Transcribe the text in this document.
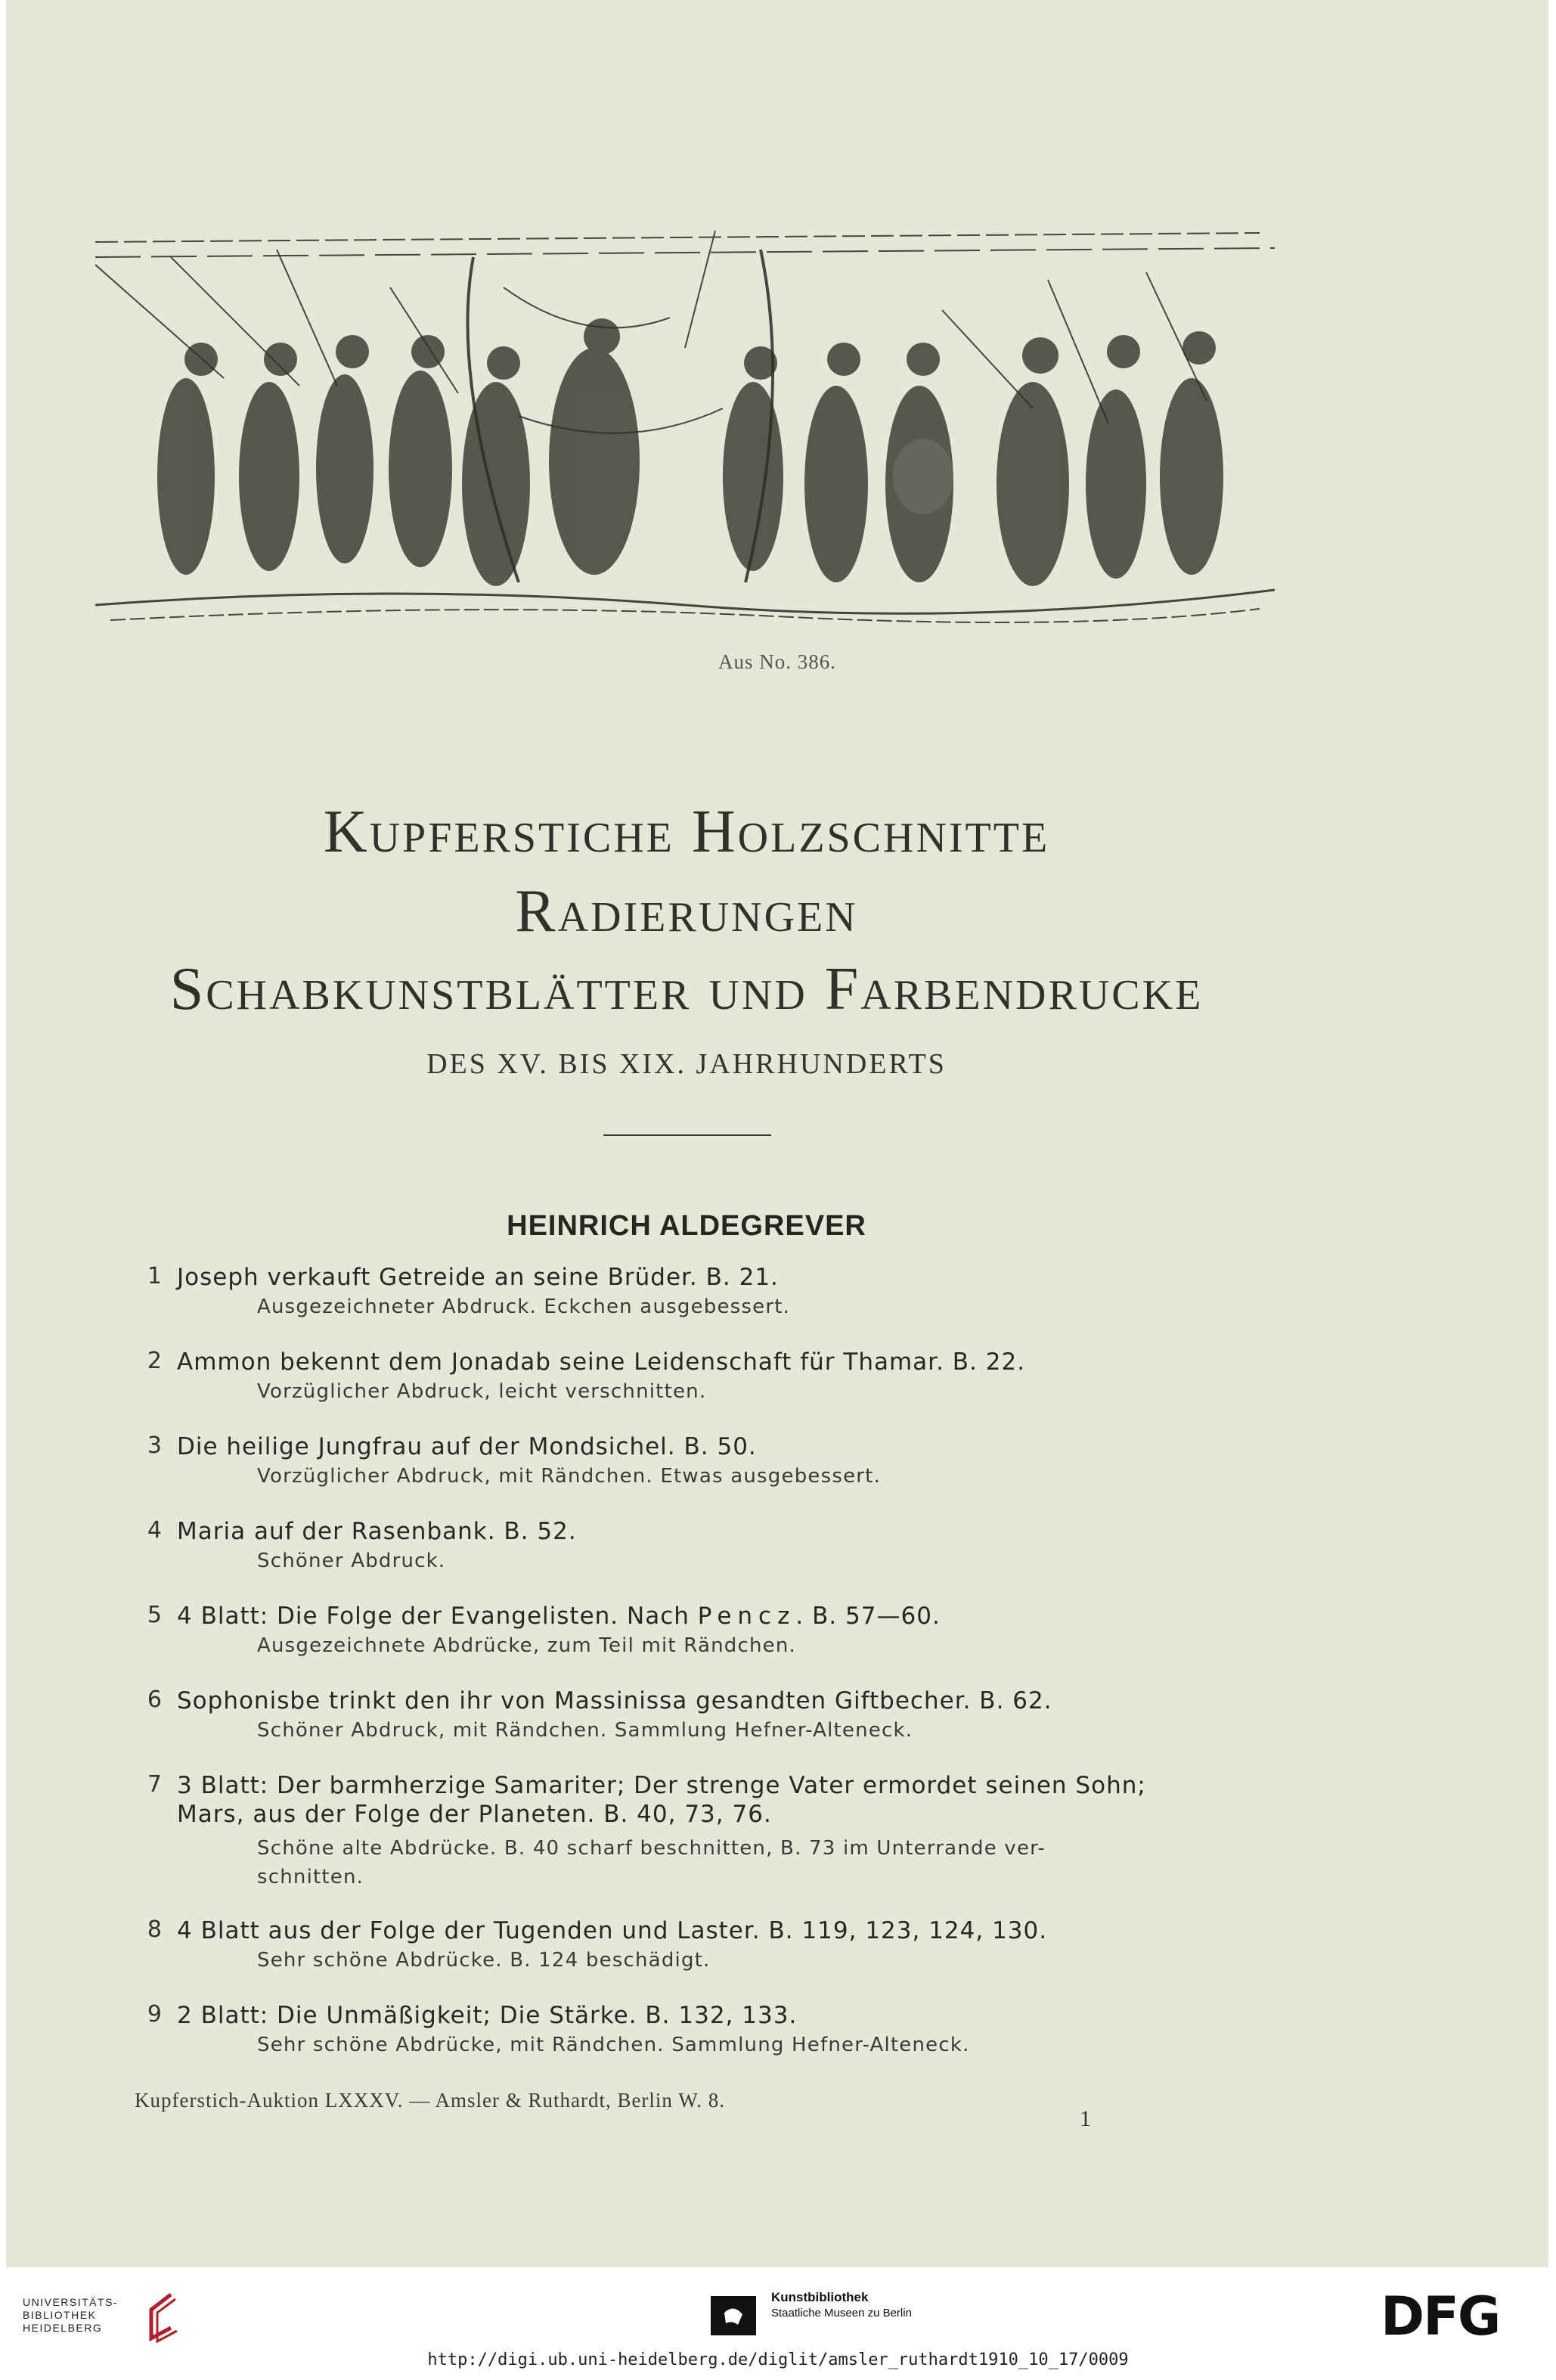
Aus No. 386.
Kupferstiche Holzschnitte
Radierungen
Schabkunstblätter und Farbendrucke
DES XV. BIS XIX. JAHRHUNDERTS
HEINRICH ALDEGREVER
1 Joseph verkauft Getreide an seine Brüder. B. 21.
Ausgezeichneter Abdruck. Eckchen ausgebessert.
2 Ammon bekennt dem Jonadab seine Leidenschaft für Thamar. B. 22.
Vorzüglicher Abdruck, leicht verschnitten.
3 Die heilige Jungfrau auf der Mondsichel. B. 50.
Vorzüglicher Abdruck, mit Rändchen. Etwas ausgebessert.
4 Maria auf der Rasenbank. B. 52.
Schöner Abdruck.
5 4 Blatt: Die Folge der Evangelisten. Nach Pencz. B. 57—60.
Ausgezeichnete Abdrücke, zum Teil mit Rändchen.
6 Sophonisbe trinkt den ihr von Massinissa gesandten Giftbecher. B. 62.
Schöner Abdruck, mit Rändchen. Sammlung Hefner-Alteneck.
7 3 Blatt: Der barmherzige Samariter; Der strenge Vater ermordet seinen Sohn;
Mars, aus der Folge der Planeten. B. 40, 73, 76.
Schöne alte Abdrücke. B. 40 scharf beschnitten, B. 73 im Unterrande ver-
schnitten.
8 4 Blatt aus der Folge der Tugenden und Laster. B. 119, 123, 124, 130.
Sehr schöne Abdrücke. B. 124 beschädigt.
9 2 Blatt: Die Unmäßigkeit; Die Stärke. B. 132, 133.
Sehr schöne Abdrücke, mit Rändchen. Sammlung Hefner-Alteneck.
Kupferstich-Auktion LXXXV. — Amsler & Ruthardt, Berlin W. 8.
1
UNIVERSITÄTS-
BIBLIOTHEK
HEIDELBERG
Kunstbibliothek
Staatliche Museen zu Berlin	DFG
http://digi.ub.uni-heidelberg.de/diglit/amsler_ruthardt1910_10_17/0009
